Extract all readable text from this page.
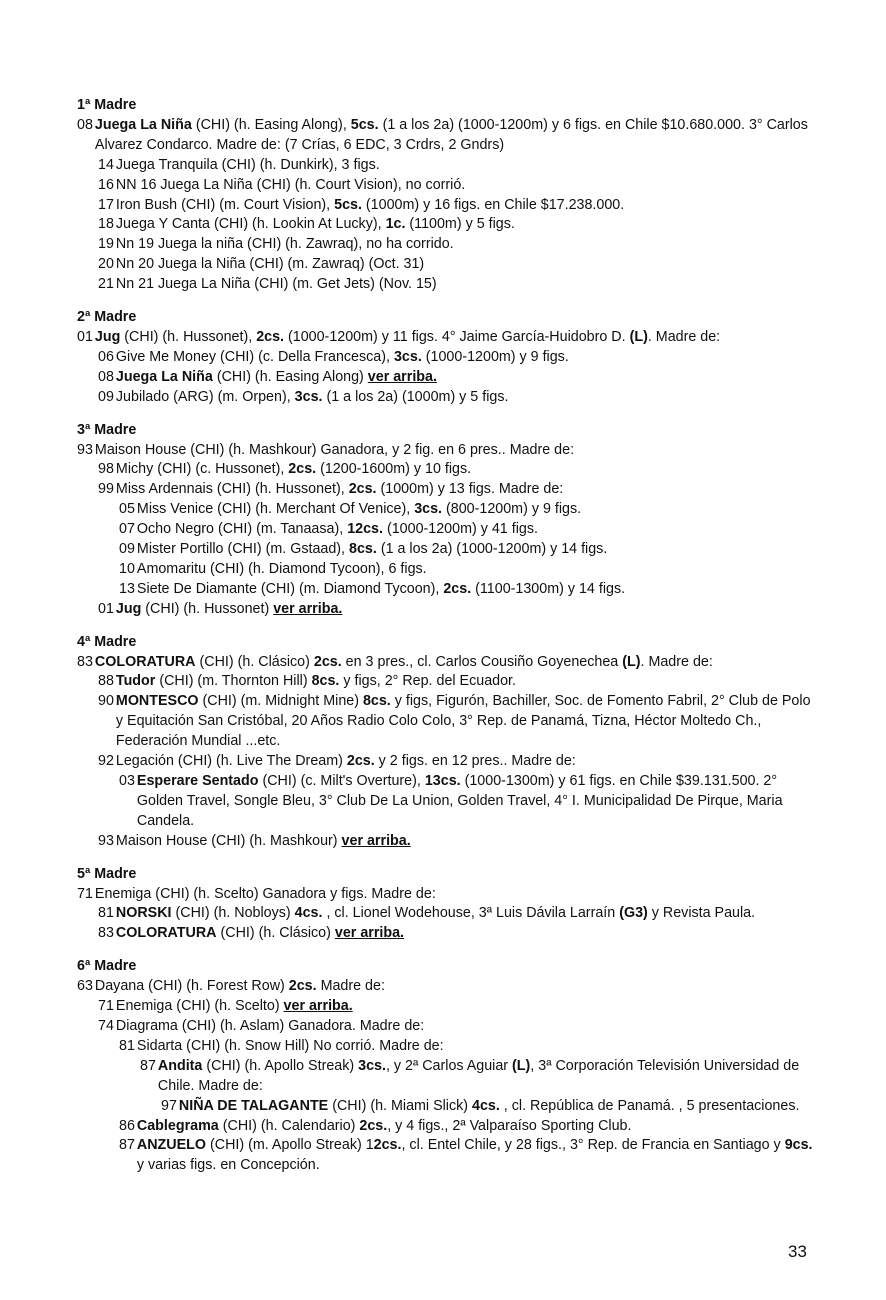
1ª Madre
08 Juega La Niña (CHI) (h. Easing Along), 5cs. (1 a los 2a) (1000-1200m) y 6 figs. en Chile $10.680.000. 3° Carlos Alvarez Condarco. Madre de: (7 Crías, 6 EDC, 3 Crdrs, 2 Gndrs)
14 Juega Tranquila (CHI) (h. Dunkirk), 3 figs.
16 NN 16 Juega La Niña (CHI) (h. Court Vision), no corrió.
17 Iron Bush (CHI) (m. Court Vision), 5cs. (1000m) y 16 figs. en Chile $17.238.000.
18 Juega Y Canta (CHI) (h. Lookin At Lucky), 1c. (1100m) y 5 figs.
19 Nn 19 Juega la niña (CHI) (h. Zawraq), no ha corrido.
20 Nn 20 Juega la Niña (CHI) (m. Zawraq) (Oct. 31)
21 Nn 21 Juega La Niña (CHI) (m. Get Jets) (Nov. 15)
2ª Madre
01 Jug (CHI) (h. Hussonet), 2cs. (1000-1200m) y 11 figs. 4° Jaime García-Huidobro D. (L). Madre de:
06 Give Me Money (CHI) (c. Della Francesca), 3cs. (1000-1200m) y 9 figs.
08 Juega La Niña (CHI) (h. Easing Along) ver arriba.
09 Jubilado (ARG) (m. Orpen), 3cs. (1 a los 2a) (1000m) y 5 figs.
3ª Madre
93 Maison House (CHI) (h. Mashkour) Ganadora, y 2 fig. en 6 pres.. Madre de:
98 Michy (CHI) (c. Hussonet), 2cs. (1200-1600m) y 10 figs.
99 Miss Ardennais (CHI) (h. Hussonet), 2cs. (1000m) y 13 figs. Madre de:
05 Miss Venice (CHI) (h. Merchant Of Venice), 3cs. (800-1200m) y 9 figs.
07 Ocho Negro (CHI) (m. Tanaasa), 12cs. (1000-1200m) y 41 figs.
09 Mister Portillo (CHI) (m. Gstaad), 8cs. (1 a los 2a) (1000-1200m) y 14 figs.
10 Amomaritu (CHI) (h. Diamond Tycoon), 6 figs.
13 Siete De Diamante (CHI) (m. Diamond Tycoon), 2cs. (1100-1300m) y 14 figs.
01 Jug (CHI) (h. Hussonet) ver arriba.
4ª Madre
83 COLORATURA (CHI) (h. Clásico) 2cs. en 3 pres., cl. Carlos Cousiño Goyenechea (L). Madre de:
88 Tudor (CHI) (m. Thornton Hill) 8cs. y figs, 2° Rep. del Ecuador.
90 MONTESCO (CHI) (m. Midnight Mine) 8cs. y figs, Figurón, Bachiller, Soc. de Fomento Fabril, 2° Club de Polo y Equitación San Cristóbal, 20 Años Radio Colo Colo, 3° Rep. de Panamá, Tizna, Héctor Moltedo Ch., Federación Mundial ...etc.
92 Legación (CHI) (h. Live The Dream) 2cs. y 2 figs. en 12 pres.. Madre de:
03 Esperare Sentado (CHI) (c. Milt's Overture), 13cs. (1000-1300m) y 61 figs. en Chile $39.131.500. 2° Golden Travel, Songle Bleu, 3° Club De La Union, Golden Travel, 4° I. Municipalidad De Pirque, Maria Candela.
93 Maison House (CHI) (h. Mashkour) ver arriba.
5ª Madre
71 Enemiga (CHI) (h. Scelto) Ganadora y figs. Madre de:
81 NORSKI (CHI) (h. Nobloys) 4cs. , cl. Lionel Wodehouse, 3ª Luis Dávila Larraín (G3) y Revista Paula.
83 COLORATURA (CHI) (h. Clásico) ver arriba.
6ª Madre
63 Dayana (CHI) (h. Forest Row) 2cs. Madre de:
71 Enemiga (CHI) (h. Scelto) ver arriba.
74 Diagrama (CHI) (h. Aslam) Ganadora. Madre de:
81 Sidarta (CHI) (h. Snow Hill) No corrió. Madre de:
87 Andita (CHI) (h. Apollo Streak) 3cs., y 2ª Carlos Aguiar (L), 3ª Corporación Televisión Universidad de Chile. Madre de:
97 NIÑA DE TALAGANTE (CHI) (h. Miami Slick) 4cs. , cl. República de Panamá. , 5 presentaciones.
86 Cablegrama (CHI) (h. Calendario) 2cs., y 4 figs., 2ª Valparaíso Sporting Club.
87 ANZUELO (CHI) (m. Apollo Streak) 12cs., cl. Entel Chile, y 28 figs., 3° Rep. de Francia en Santiago y 9cs. y varias figs. en Concepción.
33
